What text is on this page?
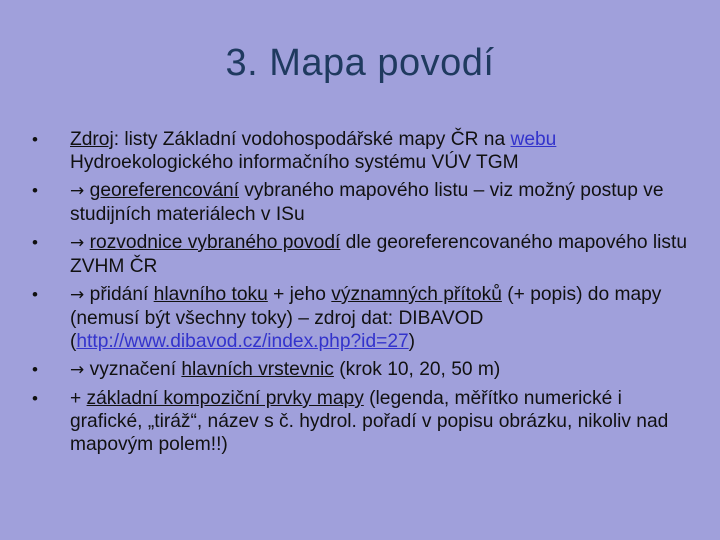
3. Mapa povodí
• Zdroj: listy Základní vodohospodářské mapy ČR na webu Hydroekologického informačního systému VÚV TGM
• → georeferencování vybraného mapového listu – viz možný postup ve studijních materiálech v ISu
• → rozvodnice vybraného povodí dle georeferencovaného mapového listu ZVHM ČR
• → přidání hlavního toku + jeho významných přítoků (+ popis) do mapy (nemusí být všechny toky) – zdroj dat: DIBAVOD (http://www.dibavod.cz/index.php?id=27)
• → vyznačení hlavních vrstevnic (krok 10, 20, 50 m)
• + základní kompoziční prvky mapy (legenda, měřítko numerické i grafické, „tiráž“, název s č. hydrol. pořadí v popisu obrázku, nikoliv nad mapovým polem!!)
